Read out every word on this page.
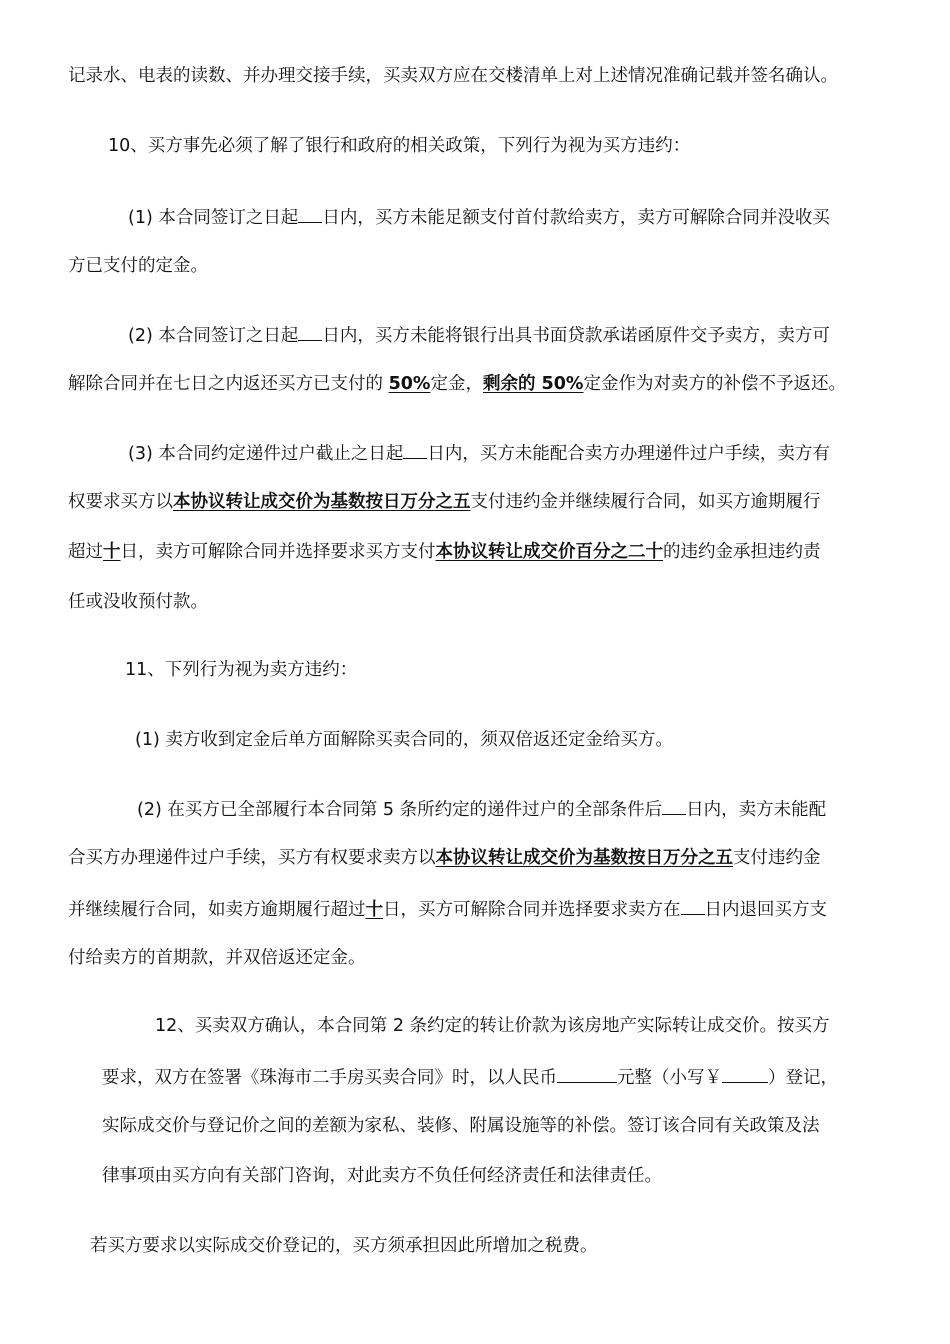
记录水、电表的读数、并办理交接手续，买卖双方应在交楼清单上对上述情况准确记载并签名确认。
10、买方事先必须了解了银行和政府的相关政策，下列行为视为买方违约：
(1) 本合同签订之日起 日内，买方未能足额支付首付款给卖方，卖方可解除合同并没收买
方已支付的定金。
(2) 本合同签订之日起 日内，买方未能将银行出具书面贷款承诺函原件交予卖方，卖方可
解除合同并在七日之内返还买方已支付的 50%定金，剩余的 50%定金作为对卖方的补偿不予返还。
(3) 本合同约定递件过户截止之日起 日内，买方未能配合卖方办理递件过户手续，卖方有
权要求买方以本协议转让成交价为基数按日万分之五支付违约金并继续履行合同，如买方逾期履行
超过十日，卖方可解除合同并选择要求买方支付本协议转让成交价百分之二十的违约金承担违约责
任或没收预付款。
11、下列行为视为卖方违约：
(1) 卖方收到定金后单方面解除买卖合同的，须双倍返还定金给买方。
(2) 在买方已全部履行本合同第 5 条所约定的递件过户的全部条件后 日内，卖方未能配
合买方办理递件过户手续，买方有权要求卖方以本协议转让成交价为基数按日万分之五支付违约金
并继续履行合同，如卖方逾期履行超过十日，买方可解除合同并选择要求卖方在 日内退回买方支
付给卖方的首期款，并双倍返还定金。
12、买卖双方确认，本合同第 2 条约定的转让价款为该房地产实际转让成交价。按买方
要求，双方在签署《珠海市二手房买卖合同》时，以人民币	元整（小写￥	）登记，
实际成交价与登记价之间的差额为家私、装修、附属设施等的补偿。签订该合同有关政策及法
律事项由买方向有关部门咨询，对此卖方不负任何经济责任和法律责任。
若买方要求以实际成交价登记的，买方须承担因此所增加之税费。
